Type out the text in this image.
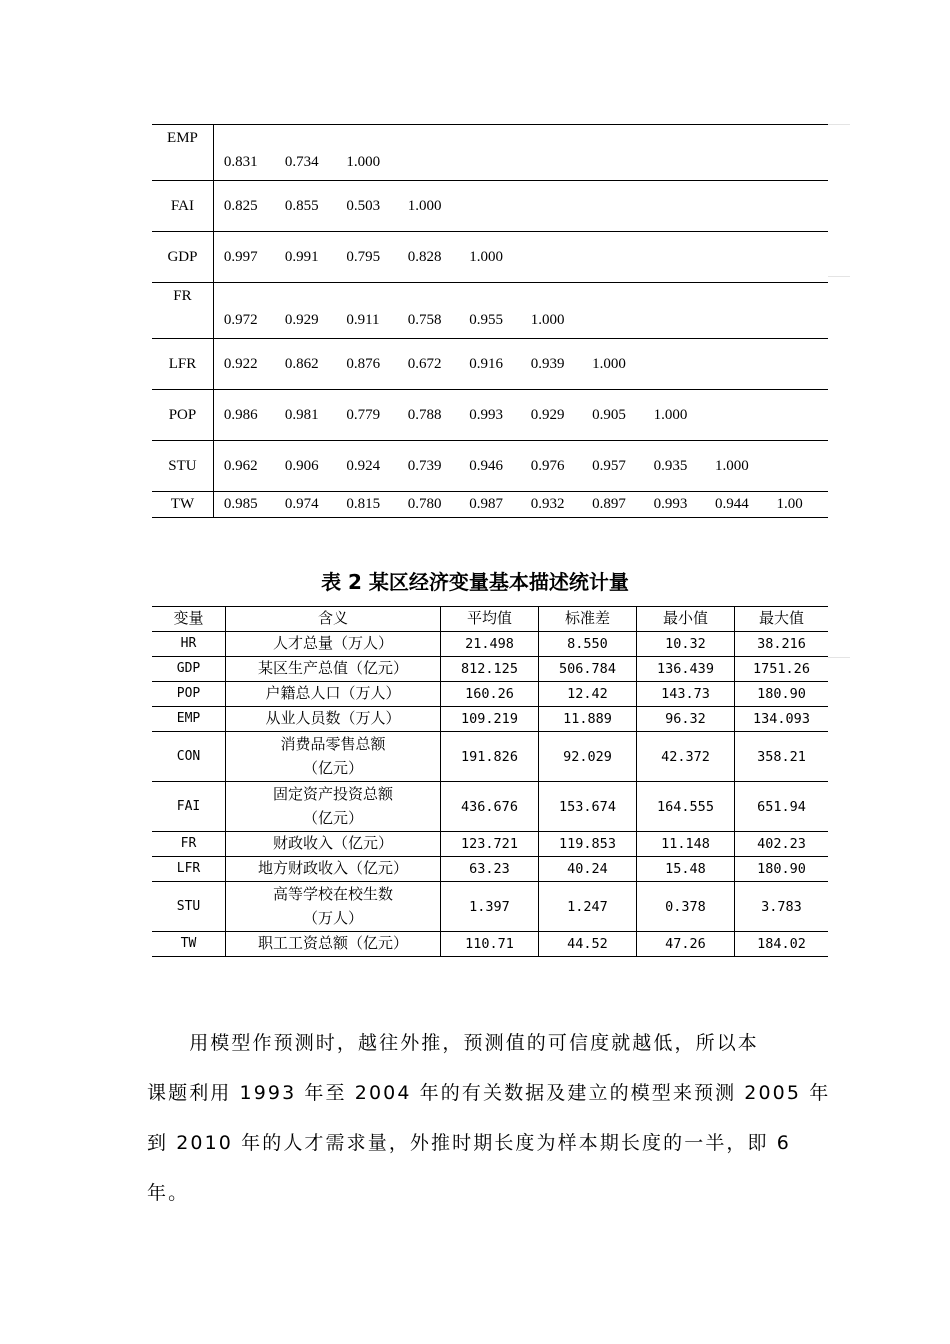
EMP	0.831	0.734	1.000							
FAI	0.825	0.855	0.503	1.000						
GDP	0.997	0.991	0.795	0.828	1.000					
FR	0.972	0.929	0.911	0.758	0.955	1.000				
LFR	0.922	0.862	0.876	0.672	0.916	0.939	1.000			
POP	0.986	0.981	0.779	0.788	0.993	0.929	0.905	1.000		
STU	0.962	0.906	0.924	0.739	0.946	0.976	0.957	0.935	1.000	
TW	0.985	0.974	0.815	0.780	0.987	0.932	0.897	0.993	0.944	1.00
表 2 某区经济变量基本描述统计量
变量	含义	平均值	标准差	最小值	最大值
HR	人才总量（万人）	21.498	8.550	10.32	38.216
GDP	某区生产总值（亿元）	812.125	506.784	136.439	1751.26
POP	户籍总人口（万人）	160.26	12.42	143.73	180.90
EMP	从业人员数（万人）	109.219	11.889	96.32	134.093
CON	消费品零售总额
（亿元）	191.826	92.029	42.372	358.21
FAI	固定资产投资总额
（亿元）	436.676	153.674	164.555	651.94
FR	财政收入（亿元）	123.721	119.853	11.148	402.23
LFR	地方财政收入（亿元）	63.23	40.24	15.48	180.90
STU	高等学校在校生数
（万人）	1.397	1.247	0.378	3.783
TW	职工工资总额（亿元）	110.71	44.52	47.26	184.02
　　用模型作预测时，越往外推，预测值的可信度就越低，所以本
课题利用 1993 年至 2004 年的有关数据及建立的模型来预测 2005 年
到 2010 年的人才需求量，外推时期长度为样本期长度的一半，即 6
年。
